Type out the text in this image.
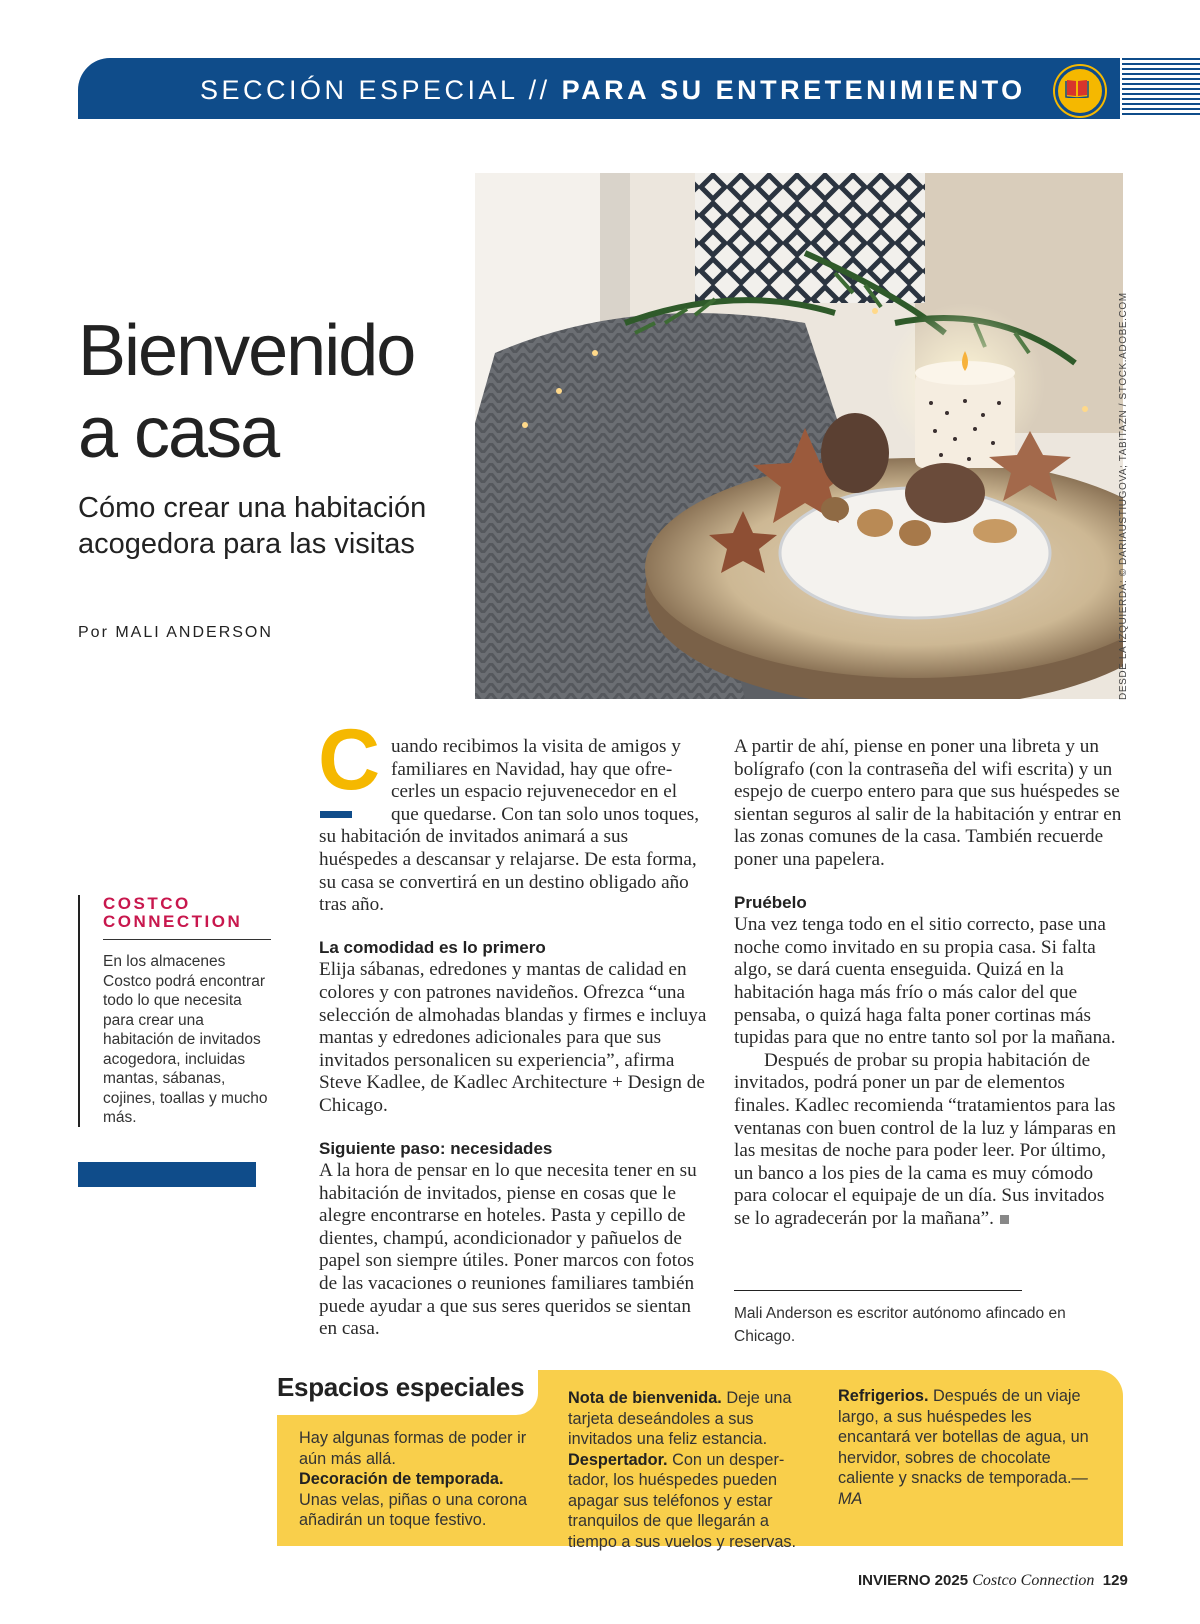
SECCIÓN ESPECIAL // PARA SU ENTRETENIMIENTO
Bienvenido
a casa
Cómo crear una habitación acogedora para las visitas
Por MALI ANDERSON	DESDE LA IZQUIERDA: © DARIAUSTIUGOVA; TABITAZN / STOCK.ADOBE.COM
C uando recibimos la visita de amigos y
familiares en Navidad, hay que ofre-
cerles un espacio rejuvenecedor en el
que quedarse. Con tan solo unos toques, su habitación de invitados animará a sus huéspedes a descansar y relajarse. De esta forma, su casa se convertirá en un destino obligado año tras año.

La comodidad es lo primero

Elija sábanas, edredones y mantas de calidad en colores y con patrones navideños. Ofrezca “una selección de almohadas blandas y firmes e incluya mantas y edredones adicionales para que sus invitados personalicen su experiencia”, afirma Steve Kadlee, de Kadlec Architecture + Design de Chicago.

Siguiente paso: necesidades

A la hora de pensar en lo que necesita tener en su habitación de invitados, piense en cosas que le alegre encontrarse en hoteles. Pasta y cepillo de dientes, champú, acondicionador y pañuelos de papel son siempre útiles. Poner marcos con fotos de las vacaciones o reuniones familiares también puede ayudar a que sus seres queridos se sientan en casa.

A partir de ahí, piense en poner una libreta y un bolígrafo (con la contraseña del wifi escrita) y un espejo de cuerpo entero para que sus huéspedes se sientan seguros al salir de la habitación y entrar en las zonas comunes de la casa. También recuerde poner una papelera.

Pruébelo

Una vez tenga todo en el sitio correcto, pase una noche como invitado en su propia casa. Si falta algo, se dará cuenta enseguida. Quizá en la habitación haga más frío o más calor del que pensaba, o quizá haga falta poner cortinas más tupidas para que no entre tanto sol por la mañana.

Después de probar su propia habitación de invitados, podrá poner un par de elementos finales. Kadlec recomienda “tratamientos para las ventanas con buen control de la luz y lámparas en las mesitas de noche para poder leer. Por último, un banco a los pies de la cama es muy cómodo para colocar el equipaje de un día. Sus invitados se lo agradecerán por la mañana”.

Mali Anderson es escritor autónomo afincado en Chicago.
COSTCO
CONNECTION
En los almacenes Costco podrá encontrar todo lo que necesita para crear una habitación de invitados acogedora, incluidas mantas, sábanas, cojines, toallas y mucho más.
Espacios especiales
Hay algunas formas de poder ir aún más allá.
Decoración de temporada. Unas velas, piñas o una corona añadirán un toque festivo.
Nota de bienvenida. Deje una tarjeta deseándoles a sus invitados una feliz estancia.
Despertador. Con un despertador, los huéspedes pueden apagar sus teléfonos y estar tranquilos de que llegarán a tiempo a sus vuelos y reservas.
Refrigerios. Después de un viaje largo, a sus huéspedes les encantará ver botellas de agua, un hervidor, sobres de chocolate caliente y snacks de temporada.—MA
INVIERNO 2025 Costco Connection 129
